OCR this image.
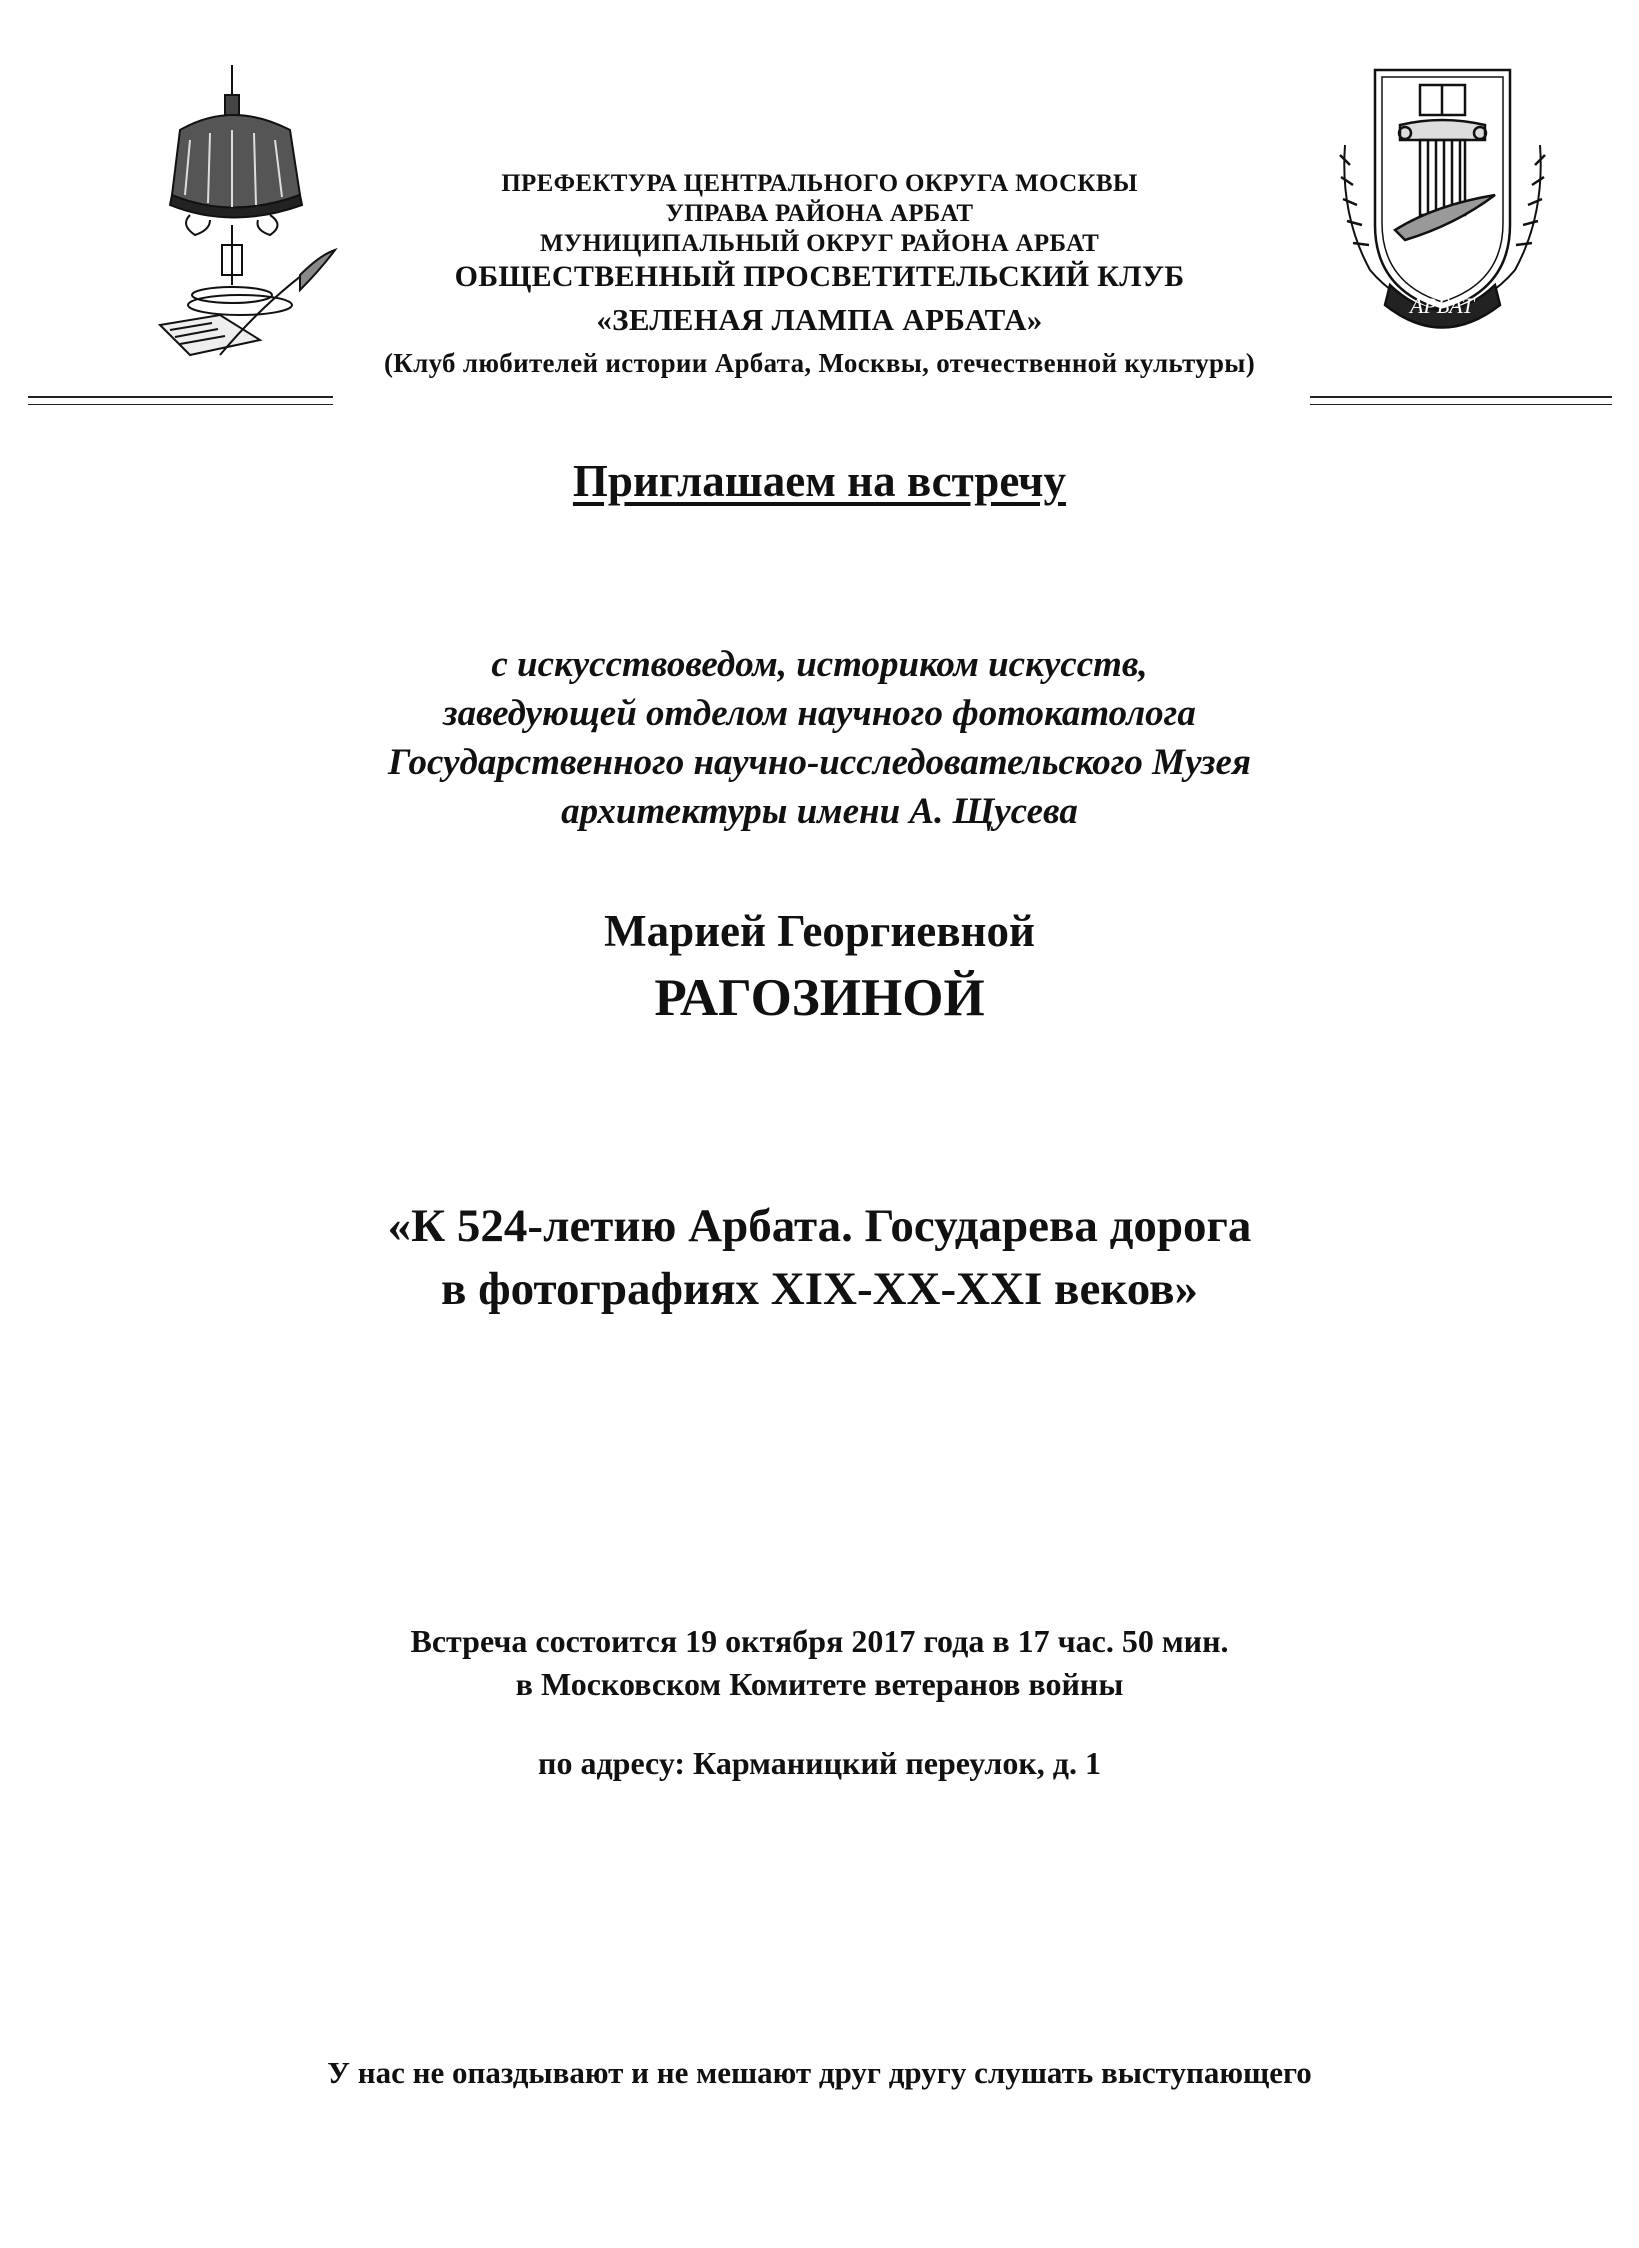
АРБАТ
ПРЕФЕКТУРА ЦЕНТРАЛЬНОГО ОКРУГА МОСКВЫ
УПРАВА РАЙОНА АРБАТ
МУНИЦИПАЛЬНЫЙ ОКРУГ РАЙОНА АРБАТ
ОБЩЕСТВЕННЫЙ ПРОСВЕТИТЕЛЬСКИЙ КЛУБ
«ЗЕЛЕНАЯ ЛАМПА АРБАТА»
(Клуб любителей истории Арбата, Москвы, отечественной культуры)
Приглашаем на встречу
с искусствоведом, историком искусств,
заведующей отделом научного фотокатолога
Государственного научно-исследовательского Музея
архитектуры имени А. Щусева
Марией Георгиевной
РАГОЗИНОЙ
«К 524-летию Арбата. Государева дорога
в фотографиях XIX-XX-XXI веков»
Встреча состоится 19 октября 2017 года в 17 час. 50 мин.
в Московском Комитете ветеранов войны
по адресу: Карманицкий переулок, д. 1
У нас не опаздывают и не мешают друг другу слушать выступающего
